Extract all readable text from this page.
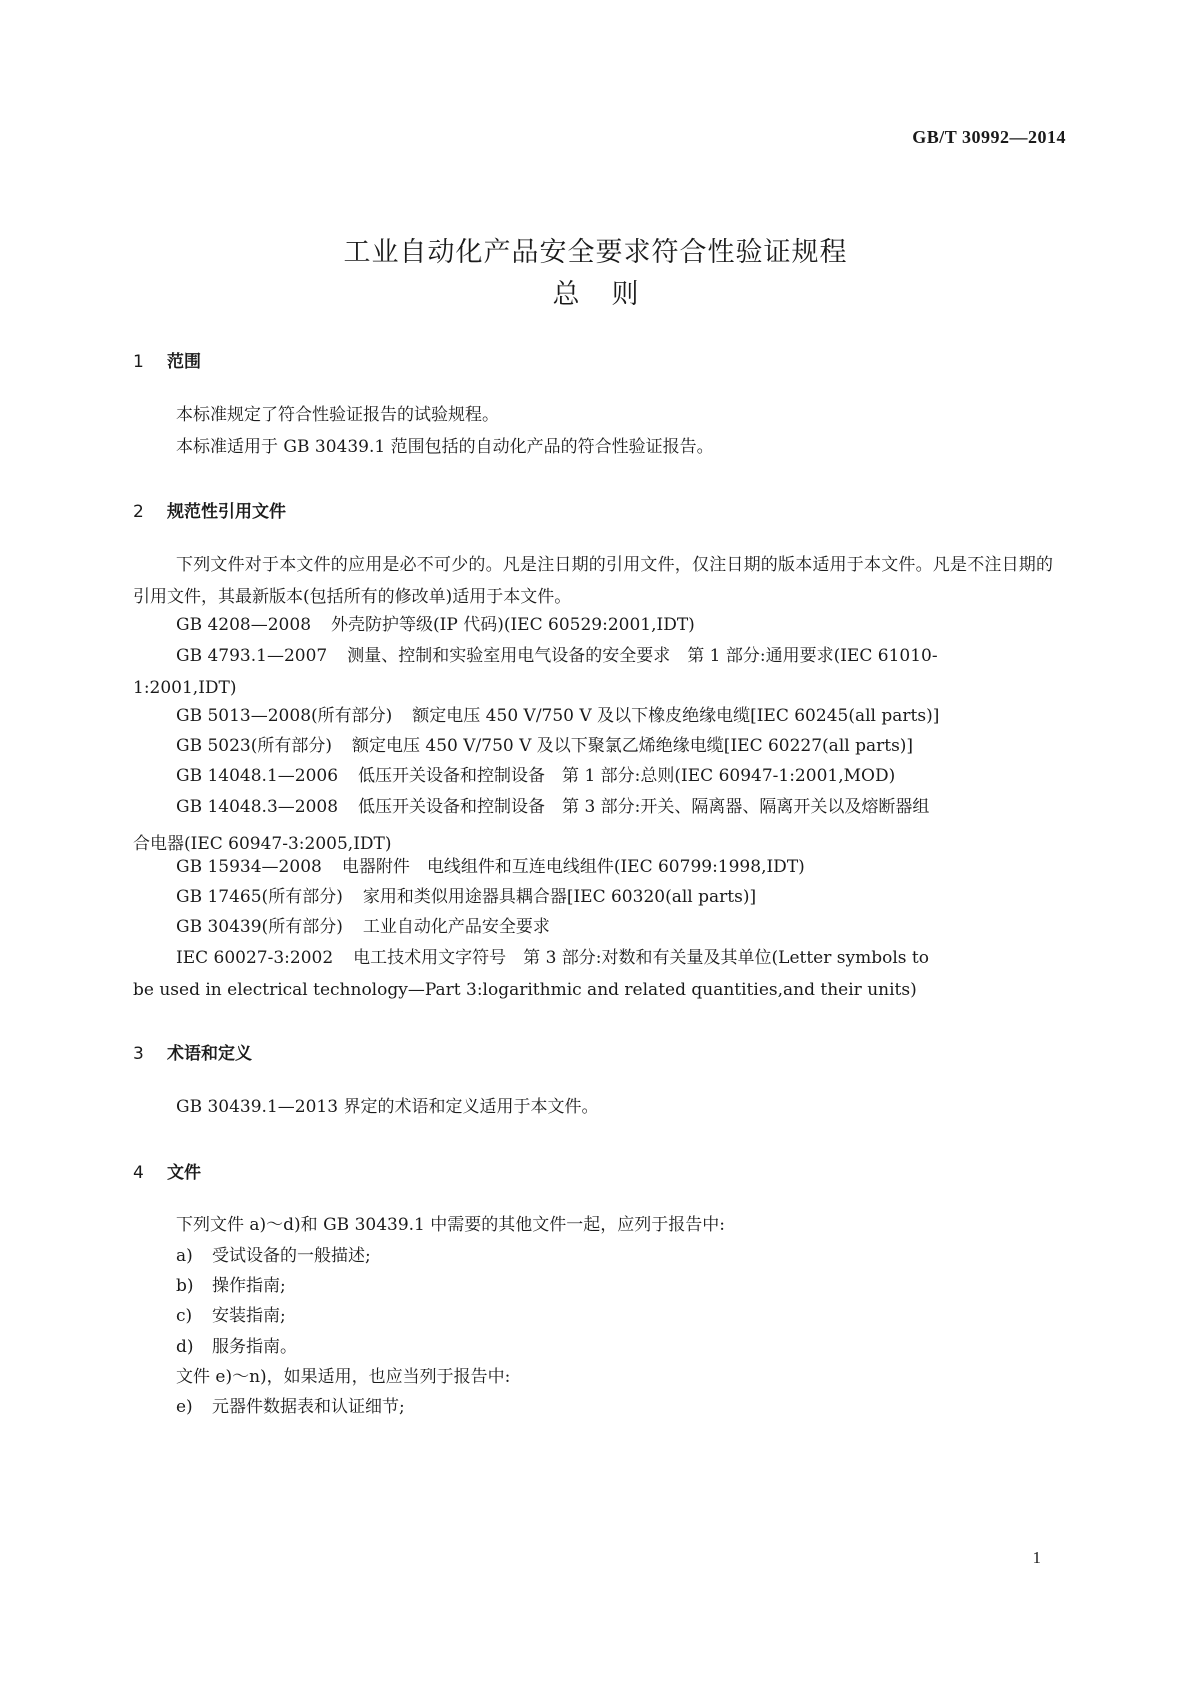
GB/T 30992—2014
工业自动化产品安全要求符合性验证规程
总 则
1 范围
本标准规定了符合性验证报告的试验规程。
本标准适用于 GB 30439.1 范围包括的自动化产品的符合性验证报告。
2 规范性引用文件
下列文件对于本文件的应用是必不可少的。凡是注日期的引用文件，仅注日期的版本适用于本文件。凡是不注日期的引用文件，其最新版本(包括所有的修改单)适用于本文件。
GB 4208—2008 外壳防护等级(IP 代码)(IEC 60529:2001,IDT)
GB 4793.1—2007 测量、控制和实验室用电气设备的安全要求　第 1 部分:通用要求(IEC 61010-
1:2001,IDT)
GB 5013—2008(所有部分) 额定电压 450 V/750 V 及以下橡皮绝缘电缆[IEC 60245(all parts)]
GB 5023(所有部分) 额定电压 450 V/750 V 及以下聚氯乙烯绝缘电缆[IEC 60227(all parts)]
GB 14048.1—2006 低压开关设备和控制设备　第 1 部分:总则(IEC 60947-1:2001,MOD)
GB 14048.3—2008 低压开关设备和控制设备　第 3 部分:开关、隔离器、隔离开关以及熔断器组
合电器(IEC 60947-3:2005,IDT)
GB 15934—2008 电器附件　电线组件和互连电线组件(IEC 60799:1998,IDT)
GB 17465(所有部分) 家用和类似用途器具耦合器[IEC 60320(all parts)]
GB 30439(所有部分) 工业自动化产品安全要求
IEC 60027-3:2002 电工技术用文字符号　第 3 部分:对数和有关量及其单位(Letter symbols to
be used in electrical technology—Part 3:logarithmic and related quantities,and their units)
3 术语和定义
GB 30439.1—2013 界定的术语和定义适用于本文件。
4 文件
下列文件 a)～d)和 GB 30439.1 中需要的其他文件一起，应列于报告中:
a) 受试设备的一般描述;
b) 操作指南;
c) 安装指南;
d) 服务指南。
文件 e)～n)，如果适用，也应当列于报告中:
e) 元器件数据表和认证细节;
1
